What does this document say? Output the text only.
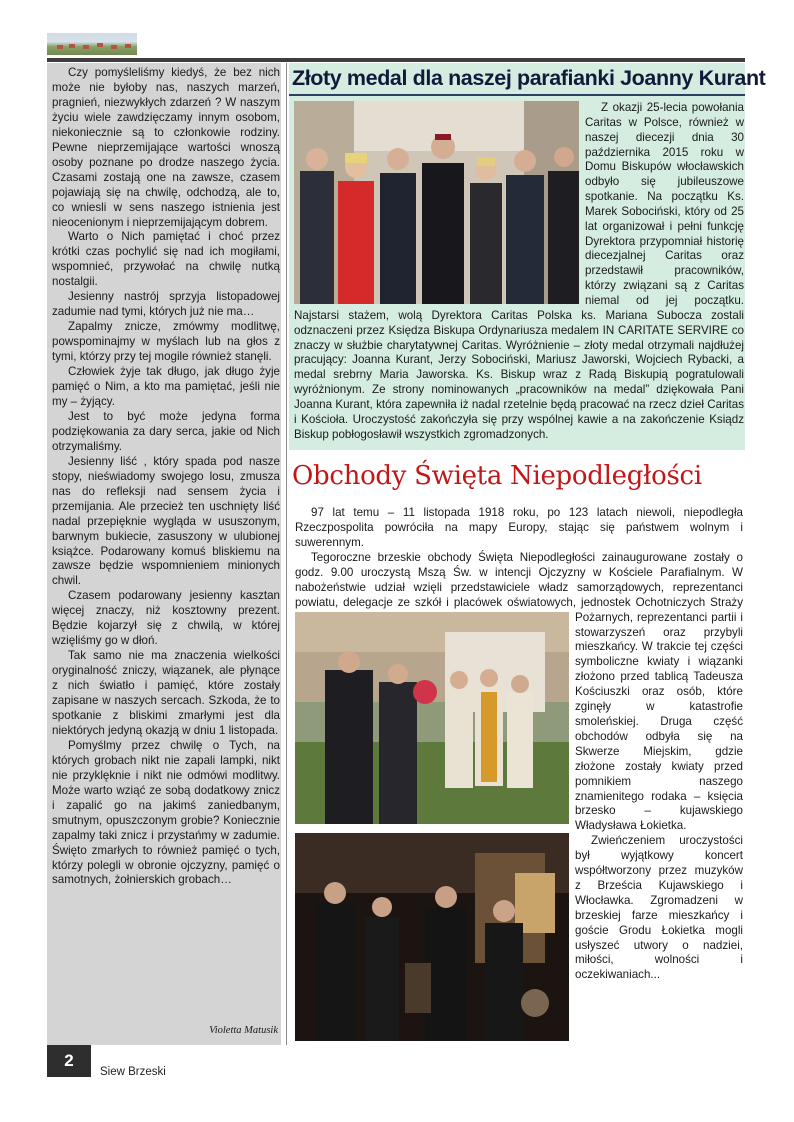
Czy pomyśleliśmy kiedyś, że bez nich może nie byłoby nas, naszych marzeń, pragnień, niezwykłych zdarzeń ? W naszym życiu wiele zawdzięczamy innym osobom, niekoniecznie są to członkowie rodziny. Pewne nieprzemijające wartości wnoszą osoby poznane po drodze naszego życia. Czasami zostają one na zawsze, czasem pojawiają się na chwilę, odchodzą, ale to, co wniesli w sens naszego istnienia jest nieocenionym i nieprzemijającym dobrem.

Warto o Nich pamiętać i choć przez krótki czas pochylić się nad ich mogiłami, wspomnieć, przywołać na chwilę nutką nostalgii.

Jesienny nastrój sprzyja listopadowej zadumie nad tymi, których już nie ma…

Zapalmy znicze, zmówmy modlitwę, powspominajmy w myślach lub na głos z tymi, którzy przy tej mogile również stanęli.

Człowiek żyje tak długo, jak długo żyje pamięć o Nim, a kto ma pamiętać, jeśli nie my – żyjący.

Jest to być może jedyna forma podziękowania za dary serca, jakie od Nich otrzymaliśmy.

Jesienny liść , który spada pod nasze stopy, nieświadomy swojego losu, zmusza nas do refleksji nad sensem życia i przemijania. Ale przecież ten uschnięty liść nadal przepięknie wygląda w ususzonym, barwnym bukiecie, zasuszony w ulubionej książce. Podarowany komuś bliskiemu na zawsze będzie wspomnieniem minionych chwil.

Czasem podarowany jesienny kasztan więcej znaczy, niż kosztowny prezent. Będzie kojarzył się z chwilą, w której wzięliśmy go w dłoń.

Tak samo nie ma znaczenia wielkości oryginalność zniczy, wiązanek, ale płynące z nich światło i pamięć, które zostały zapisane w naszych sercach. Szkoda, że to spotkanie z bliskimi zmarłymi jest dla niektórych jedyną okazją w dniu 1 listopada.

Pomyślmy przez chwilę o Tych, na których grobach nikt nie zapali lampki, nikt nie przyklęknie i nikt nie odmówi modlitwy. Może warto wziąć ze sobą dodatkowy znicz i zapalić go na jakimś zaniedbanym, smutnym, opuszczonym grobie? Koniecznie zapalmy taki znicz i przystańmy w zadumie. Święto zmarłych to również pamięć o tych, którzy polegli w obronie ojczyzny, pamięć o samotnych, żołnierskich grobach…

Violetta Matusik
Złoty medal dla naszej parafianki Joanny Kurant

Z okazji 25-lecia powołania Caritas w Polsce, również w naszej diecezji dnia 30 października 2015 roku w Domu Biskupów włocławskich odbyło się jubileuszowe spotkanie. Na początku Ks. Marek Sobociński, który od 25 lat organizował i pełni funkcję Dyrektora przypomniał historię diecezjalnej Caritas oraz przedstawił pracowników, którzy związani są z Caritas niemal od jej początku. Najstarsi stażem, wolą Dyrektora Caritas Polska ks. Mariana Subocza zostali odznaczeni przez Księdza Biskupa Ordynariusza medalem IN CARITATE SERVIRE co znaczy w służbie charytatywnej Caritas. Wyróżnienie – złoty medal otrzymali najdłużej pracujący: Joanna Kurant, Jerzy Sobociński, Mariusz Jaworski, Wojciech Rybacki, a medal srebrny Maria Jaworska. Ks. Biskup wraz z Radą Biskupią pogratulowali wyróżnionym. Ze strony nominowanych „pracowników na medal” dziękowała Pani Joanna Kurant, która zapewniła iż nadal rzetelnie będą pracować na rzecz dzieł Caritas i Kościoła. Uroczystość zakończyła się przy wspólnej kawie a na zakończenie Ksiądz Biskup pobłogosławił wszystkich zgromadzonych.

Obchody Święta Niepodległości

97 lat temu – 11 listopada 1918 roku, po 123 latach niewoli, niepodległa Rzeczpospolita powróciła na mapy Europy, stając się państwem wolnym i suwerennym.

Tegoroczne brzeskie obchody Święta Niepodległości zainaugurowane zostały o godz. 9.00 uroczystą Mszą Św. w intencji Ojczyzny w Kościele Parafialnym. W nabożeństwie udział wzięli przedstawiciele władz samorządowych, reprezentanci powiatu, delegacje ze szkół i placówek oświatowych, jednostek Ochotniczych Straży Pożarnych, reprezentanci partii i stowarzyszeń oraz przybyli mieszkańcy. W trakcie tej części symboliczne kwiaty i wiązanki złożono przed tablicą Tadeusza Kościuszki oraz osób, które zginęły w katastrofie smoleńskiej. Druga część obchodów odbyła się na Skwerze Miejskim, gdzie złożone zostały kwiaty przed pomnikiem naszego znamienitego rodaka – księcia brzesko – kujawskiego Władysława Łokietka.

Zwieńczeniem uroczystości był wyjątkowy koncert współtworzony przez muzyków z Brześcia Kujawskiego i Włocławka. Zgromadzeni w brzeskiej farze mieszkańcy i goście Grodu Łokietka mogli usłyszeć utwory o nadziei, miłości, wolności i oczekiwaniach...

2
Siew Brzeski
